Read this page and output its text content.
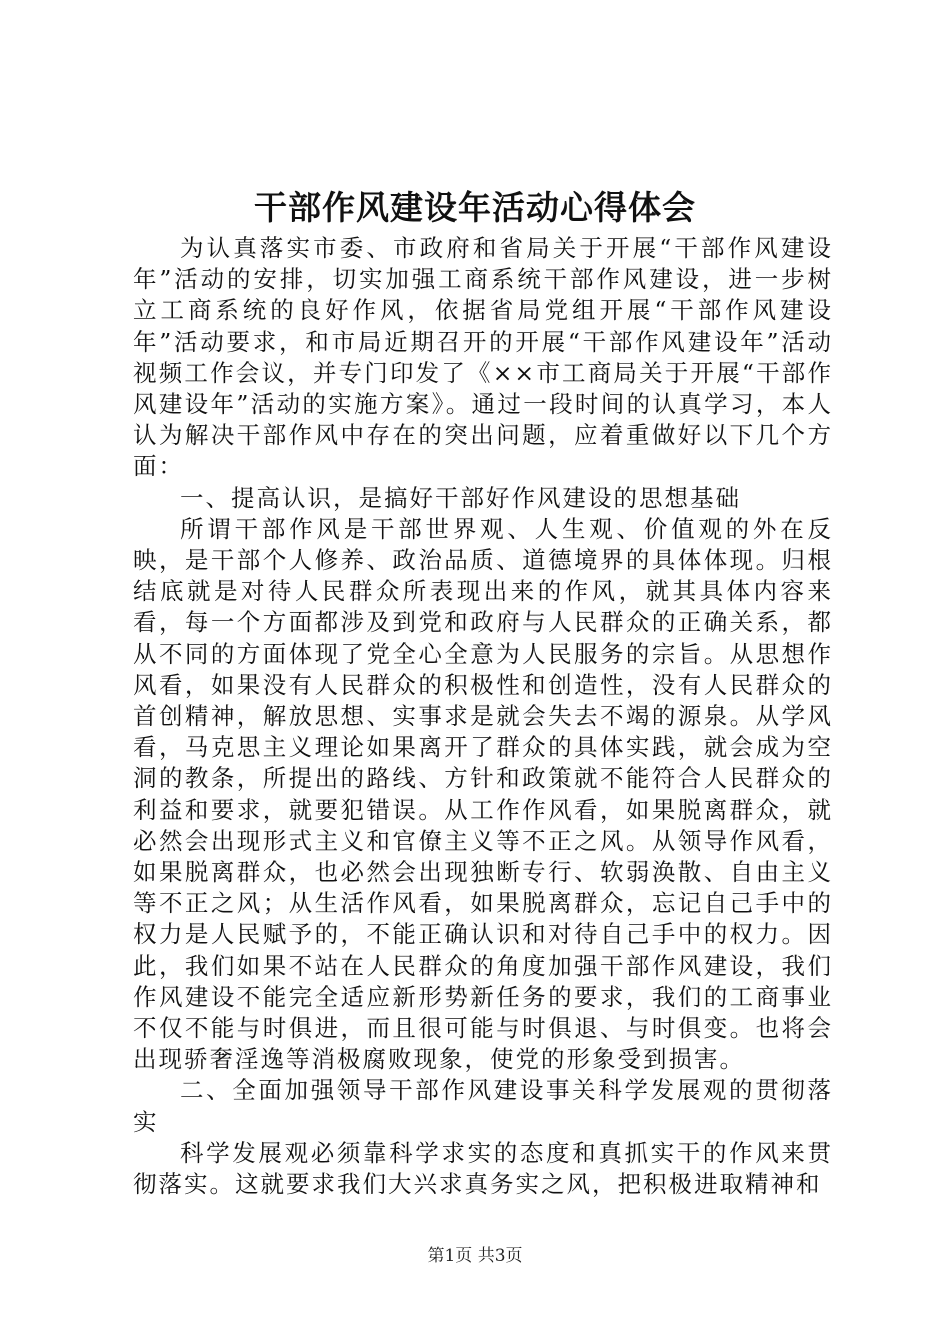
干部作风建设年活动心得体会

为认真落实市委、市政府和省局关于开展“干部作风建设年”活动的安排，切实加强工商系统干部作风建设，进一步树立工商系统的良好作风，依据省局党组开展“干部作风建设年”活动要求，和市局近期召开的开展“干部作风建设年”活动视频工作会议，并专门印发了《××市工商局关于开展“干部作风建设年”活动的实施方案》。通过一段时间的认真学习，本人认为解决干部作风中存在的突出问题，应着重做好以下几个方面：

一、提高认识，是搞好干部好作风建设的思想基础

所谓干部作风是干部世界观、人生观、价值观的外在反映，是干部个人修养、政治品质、道德境界的具体体现。归根结底就是对待人民群众所表现出来的作风，就其具体内容来看，每一个方面都涉及到党和政府与人民群众的正确关系，都从不同的方面体现了党全心全意为人民服务的宗旨。从思想作风看，如果没有人民群众的积极性和创造性，没有人民群众的首创精神，解放思想、实事求是就会失去不竭的源泉。从学风看，马克思主义理论如果离开了群众的具体实践，就会成为空洞的教条，所提出的路线、方针和政策就不能符合人民群众的利益和要求，就要犯错误。从工作作风看，如果脱离群众，就必然会出现形式主义和官僚主义等不正之风。从领导作风看，如果脱离群众，也必然会出现独断专行、软弱涣散、自由主义等不正之风；从生活作风看，如果脱离群众，忘记自己手中的权力是人民赋予的，不能正确认识和对待自己手中的权力。因此，我们如果不站在人民群众的角度加强干部作风建设，我们作风建设不能完全适应新形势新任务的要求，我们的工商事业不仅不能与时俱进，而且很可能与时俱退、与时俱变。也将会出现骄奢淫逸等消极腐败现象，使党的形象受到损害。

二、全面加强领导干部作风建设事关科学发展观的贯彻落实

科学发展观必须靠科学求实的态度和真抓实干的作风来贯彻落实。这就要求我们大兴求真务实之风，把积极进取精神和

第1页 共3页
